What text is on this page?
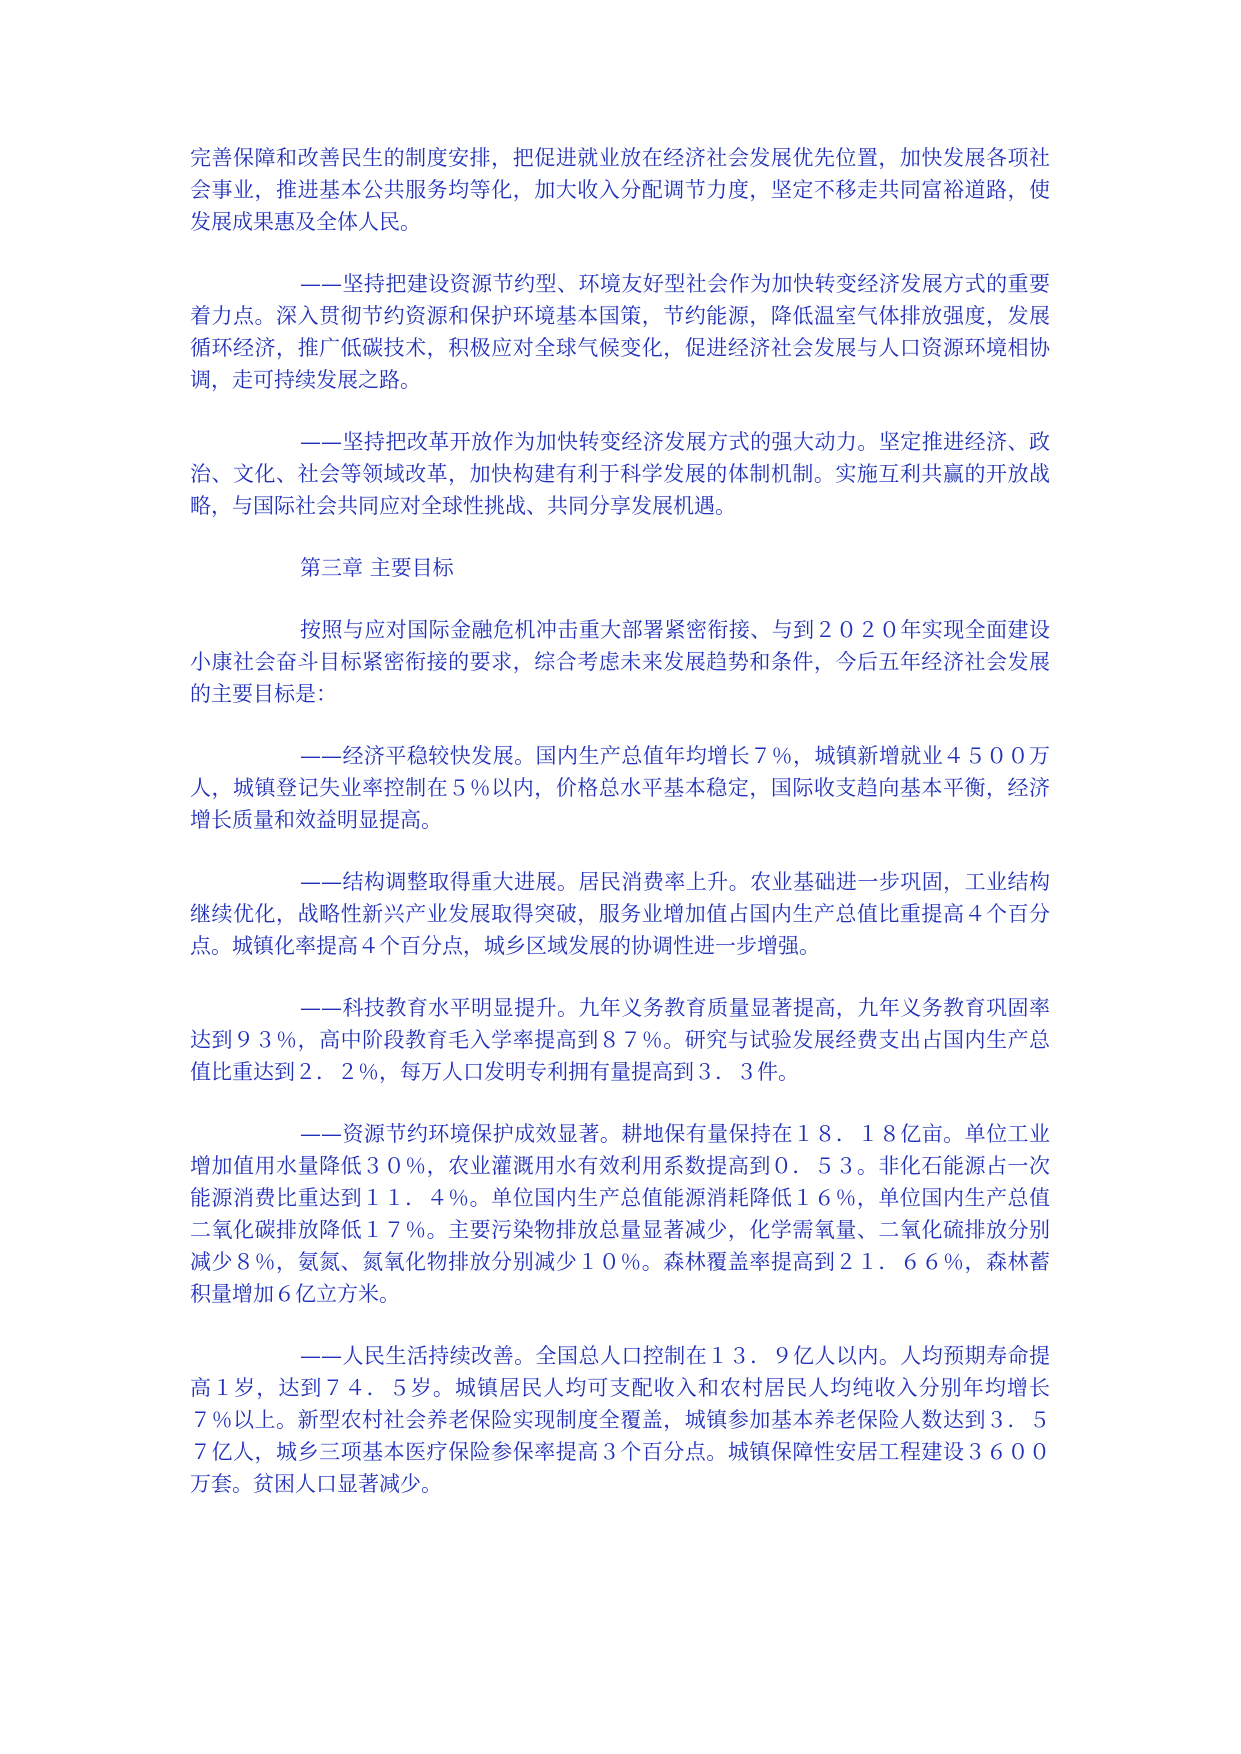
完善保障和改善民生的制度安排，把促进就业放在经济社会发展优先位置，加快发展各项社会事业，推进基本公共服务均等化，加大收入分配调节力度，坚定不移走共同富裕道路，使发展成果惠及全体人民。

——坚持把建设资源节约型、环境友好型社会作为加快转变经济发展方式的重要着力点。深入贯彻节约资源和保护环境基本国策，节约能源，降低温室气体排放强度，发展循环经济，推广低碳技术，积极应对全球气候变化，促进经济社会发展与人口资源环境相协调，走可持续发展之路。

——坚持把改革开放作为加快转变经济发展方式的强大动力。坚定推进经济、政治、文化、社会等领域改革，加快构建有利于科学发展的体制机制。实施互利共赢的开放战略，与国际社会共同应对全球性挑战、共同分享发展机遇。

第三章 主要目标

按照与应对国际金融危机冲击重大部署紧密衔接、与到２０２０年实现全面建设小康社会奋斗目标紧密衔接的要求，综合考虑未来发展趋势和条件，今后五年经济社会发展的主要目标是：

——经济平稳较快发展。国内生产总值年均增长７％，城镇新增就业４５００万人，城镇登记失业率控制在５％以内，价格总水平基本稳定，国际收支趋向基本平衡，经济增长质量和效益明显提高。

——结构调整取得重大进展。居民消费率上升。农业基础进一步巩固，工业结构继续优化，战略性新兴产业发展取得突破，服务业增加值占国内生产总值比重提高４个百分点。城镇化率提高４个百分点，城乡区域发展的协调性进一步增强。

——科技教育水平明显提升。九年义务教育质量显著提高，九年义务教育巩固率达到９３％，高中阶段教育毛入学率提高到８７％。研究与试验发展经费支出占国内生产总值比重达到２．２％，每万人口发明专利拥有量提高到３．３件。

——资源节约环境保护成效显著。耕地保有量保持在１８．１８亿亩。单位工业增加值用水量降低３０％，农业灌溉用水有效利用系数提高到０．５３。非化石能源占一次能源消费比重达到１１．４％。单位国内生产总值能源消耗降低１６％，单位国内生产总值二氧化碳排放降低１７％。主要污染物排放总量显著减少，化学需氧量、二氧化硫排放分别减少８％，氨氮、氮氧化物排放分别减少１０％。森林覆盖率提高到２１．６６％，森林蓄积量增加６亿立方米。

——人民生活持续改善。全国总人口控制在１３．９亿人以内。人均预期寿命提高１岁，达到７４．５岁。城镇居民人均可支配收入和农村居民人均纯收入分别年均增长７％以上。新型农村社会养老保险实现制度全覆盖，城镇参加基本养老保险人数达到３．５７亿人，城乡三项基本医疗保险参保率提高３个百分点。城镇保障性安居工程建设３６００万套。贫困人口显著减少。
